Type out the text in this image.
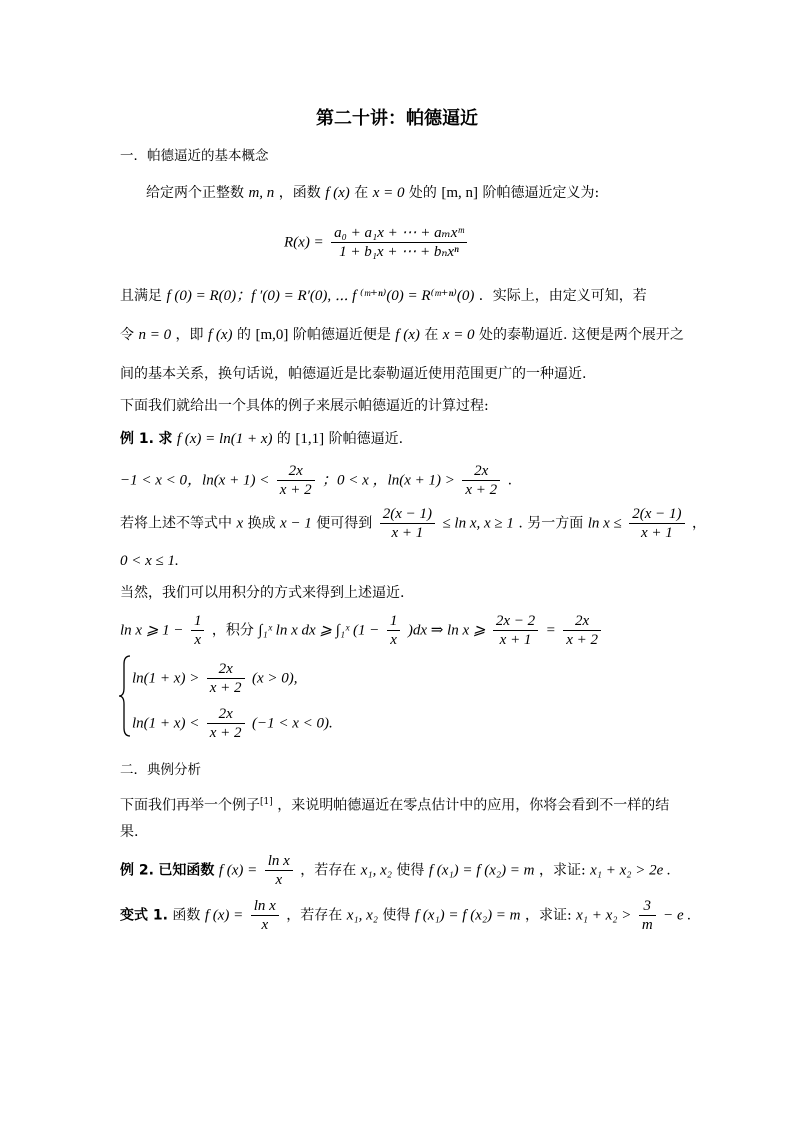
第二十讲：帕德逼近
一．帕德逼近的基本概念
给定两个正整数 m, n ，函数 f (x) 在 x = 0 处的 [m, n] 阶帕德逼近定义为:
$R(x) = \frac{\text{a₀ + a₁x + ⋯ + aₘxᵐ}}{\text{1 + b₁x + ⋯ + bₙxⁿ}}$
且满足 f (0) = R(0)；f ′(0) = R′(0), ⋯ f ⁽ᵐ⁺ⁿ⁾(0) = R⁽ᵐ⁺ⁿ⁾(0) ．实际上，由定义可知，若
令 n = 0 ，即 f (x) 的 [m,0] 阶帕德逼近便是 f (x) 在 x = 0 处的泰勒逼近. 这便是两个展开之
间的基本关系，换句话说，帕德逼近是比泰勒逼近使用范围更广的一种逼近.
下面我们就给出一个具体的例子来展示帕德逼近的计算过程:
例 1. 求 f (x) = ln(1 + x) 的 [1,1] 阶帕德逼近.
−1 < x < 0，$\ln(x + 1) < \frac{2x}{x + 2}$ ；0 < x ，$\ln(x + 1) > \frac{2x}{x + 2}$ .
若将上述不等式中 x 换成 x − 1 便可得到 $\frac{2(x - 1)}{x + 1} \le \ln x$, x ≥ 1 . 另一方面 $\ln x \le \frac{2(x - 1)}{x + 1}$ ，
0 < x ≤ 1.
当然，我们可以用积分的方式来得到上述逼近.
ln x ⩾ $1 - \frac{1}{x}$ ，积分 ∫₁ˣ ln x dx ⩾ ∫₁ˣ $(1 - \frac{1}{x} )dx$ ⇒ ln x ⩾ $\frac{2x - 2}{x + 1} = \frac{2x}{x + 2}$
$\ln(1 + x) > \frac{2x}{x + 2} (x > 0)$,
$\ln(1 + x) < \frac{2x}{x + 2} (-1 < x < 0)$.
二．典例分析
下面我们再举一个例子[1] ，来说明帕德逼近在零点估计中的应用，你将会看到不一样的结
果.
例 2. 已知函数 f $(x) = \frac{\text{ln x}}{x}$ ，若存在 x₁, x₂ 使得 f (x₁) = f (x₂) = m ，求证: x₁ + x₂ > 2e .
变式 1. 函数 f $(x) = \frac{\text{ln x}}{x}$ ，若存在 x₁, x₂ 使得 f (x₁) = f (x₂) = m ，求证: $x_1 + x_2 > \frac{3}{m} - e$ .
